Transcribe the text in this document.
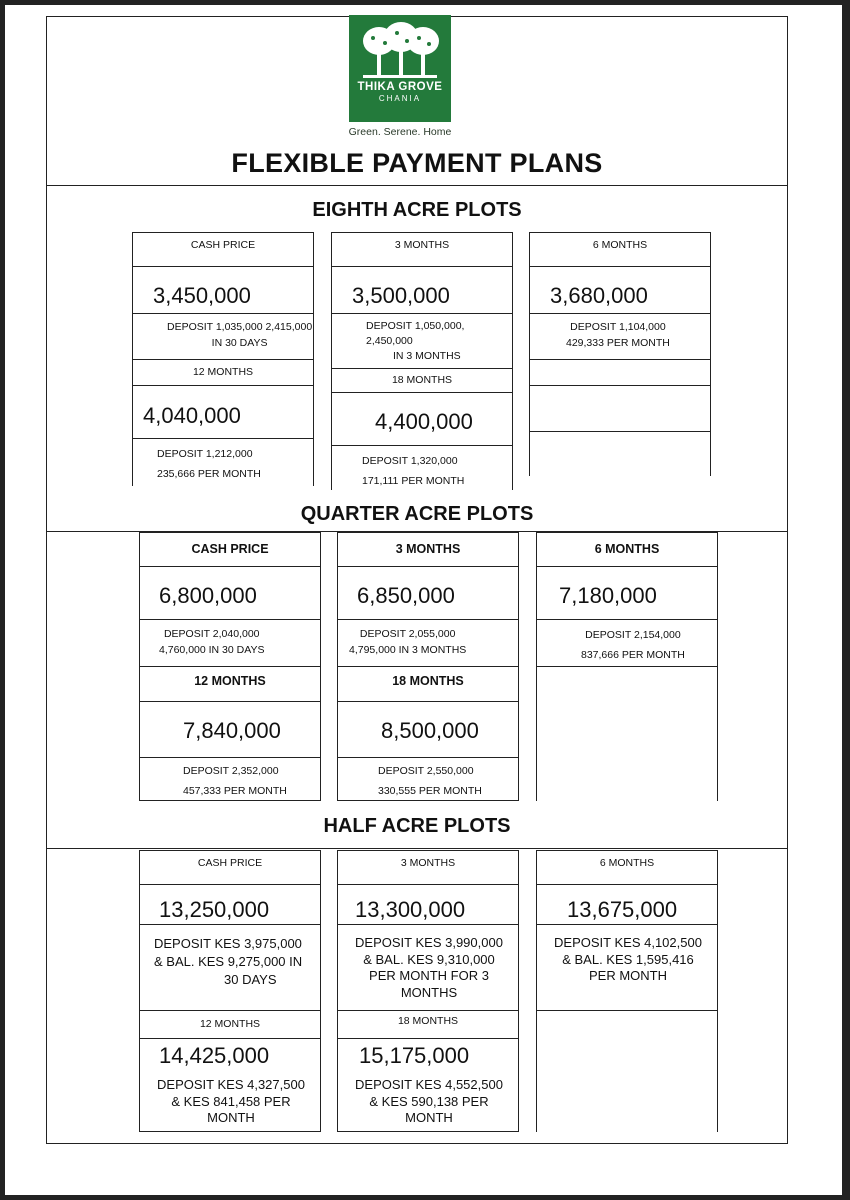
THIKA GROVE
CHANIA
Green. Serene. Home
FLEXIBLE PAYMENT PLANS
EIGHTH ACRE PLOTS
CASH PRICE
3,450,000
DEPOSIT 1,035,000 2,415,000
IN 30 DAYS
12 MONTHS
4,040,000
DEPOSIT 1,212,000
235,666 PER MONTH
3 MONTHS
3,500,000
DEPOSIT 1,050,000,
2,450,000
IN 3 MONTHS
18 MONTHS
4,400,000
DEPOSIT 1,320,000
171,111 PER MONTH
6 MONTHS
3,680,000
DEPOSIT 1,104,000
429,333 PER MONTH
QUARTER ACRE PLOTS
CASH PRICE
6,800,000
DEPOSIT 2,040,000
4,760,000 IN 30 DAYS
12 MONTHS
7,840,000
DEPOSIT 2,352,000
457,333 PER MONTH
3 MONTHS
6,850,000
DEPOSIT 2,055,000
4,795,000 IN 3 MONTHS
18 MONTHS
8,500,000
DEPOSIT 2,550,000
330,555 PER MONTH
6 MONTHS
7,180,000
DEPOSIT 2,154,000
837,666 PER MONTH
HALF ACRE PLOTS
CASH PRICE
13,250,000
DEPOSIT KES 3,975,000
& BAL. KES 9,275,000 IN
30 DAYS
12 MONTHS
14,425,000
DEPOSIT KES 4,327,500
& KES 841,458 PER
MONTH
3 MONTHS
13,300,000
DEPOSIT KES 3,990,000
& BAL. KES 9,310,000
PER MONTH FOR 3
MONTHS
18 MONTHS
15,175,000
DEPOSIT KES 4,552,500
& KES 590,138 PER
MONTH
6 MONTHS
13,675,000
DEPOSIT KES 4,102,500
& BAL. KES 1,595,416
PER MONTH
